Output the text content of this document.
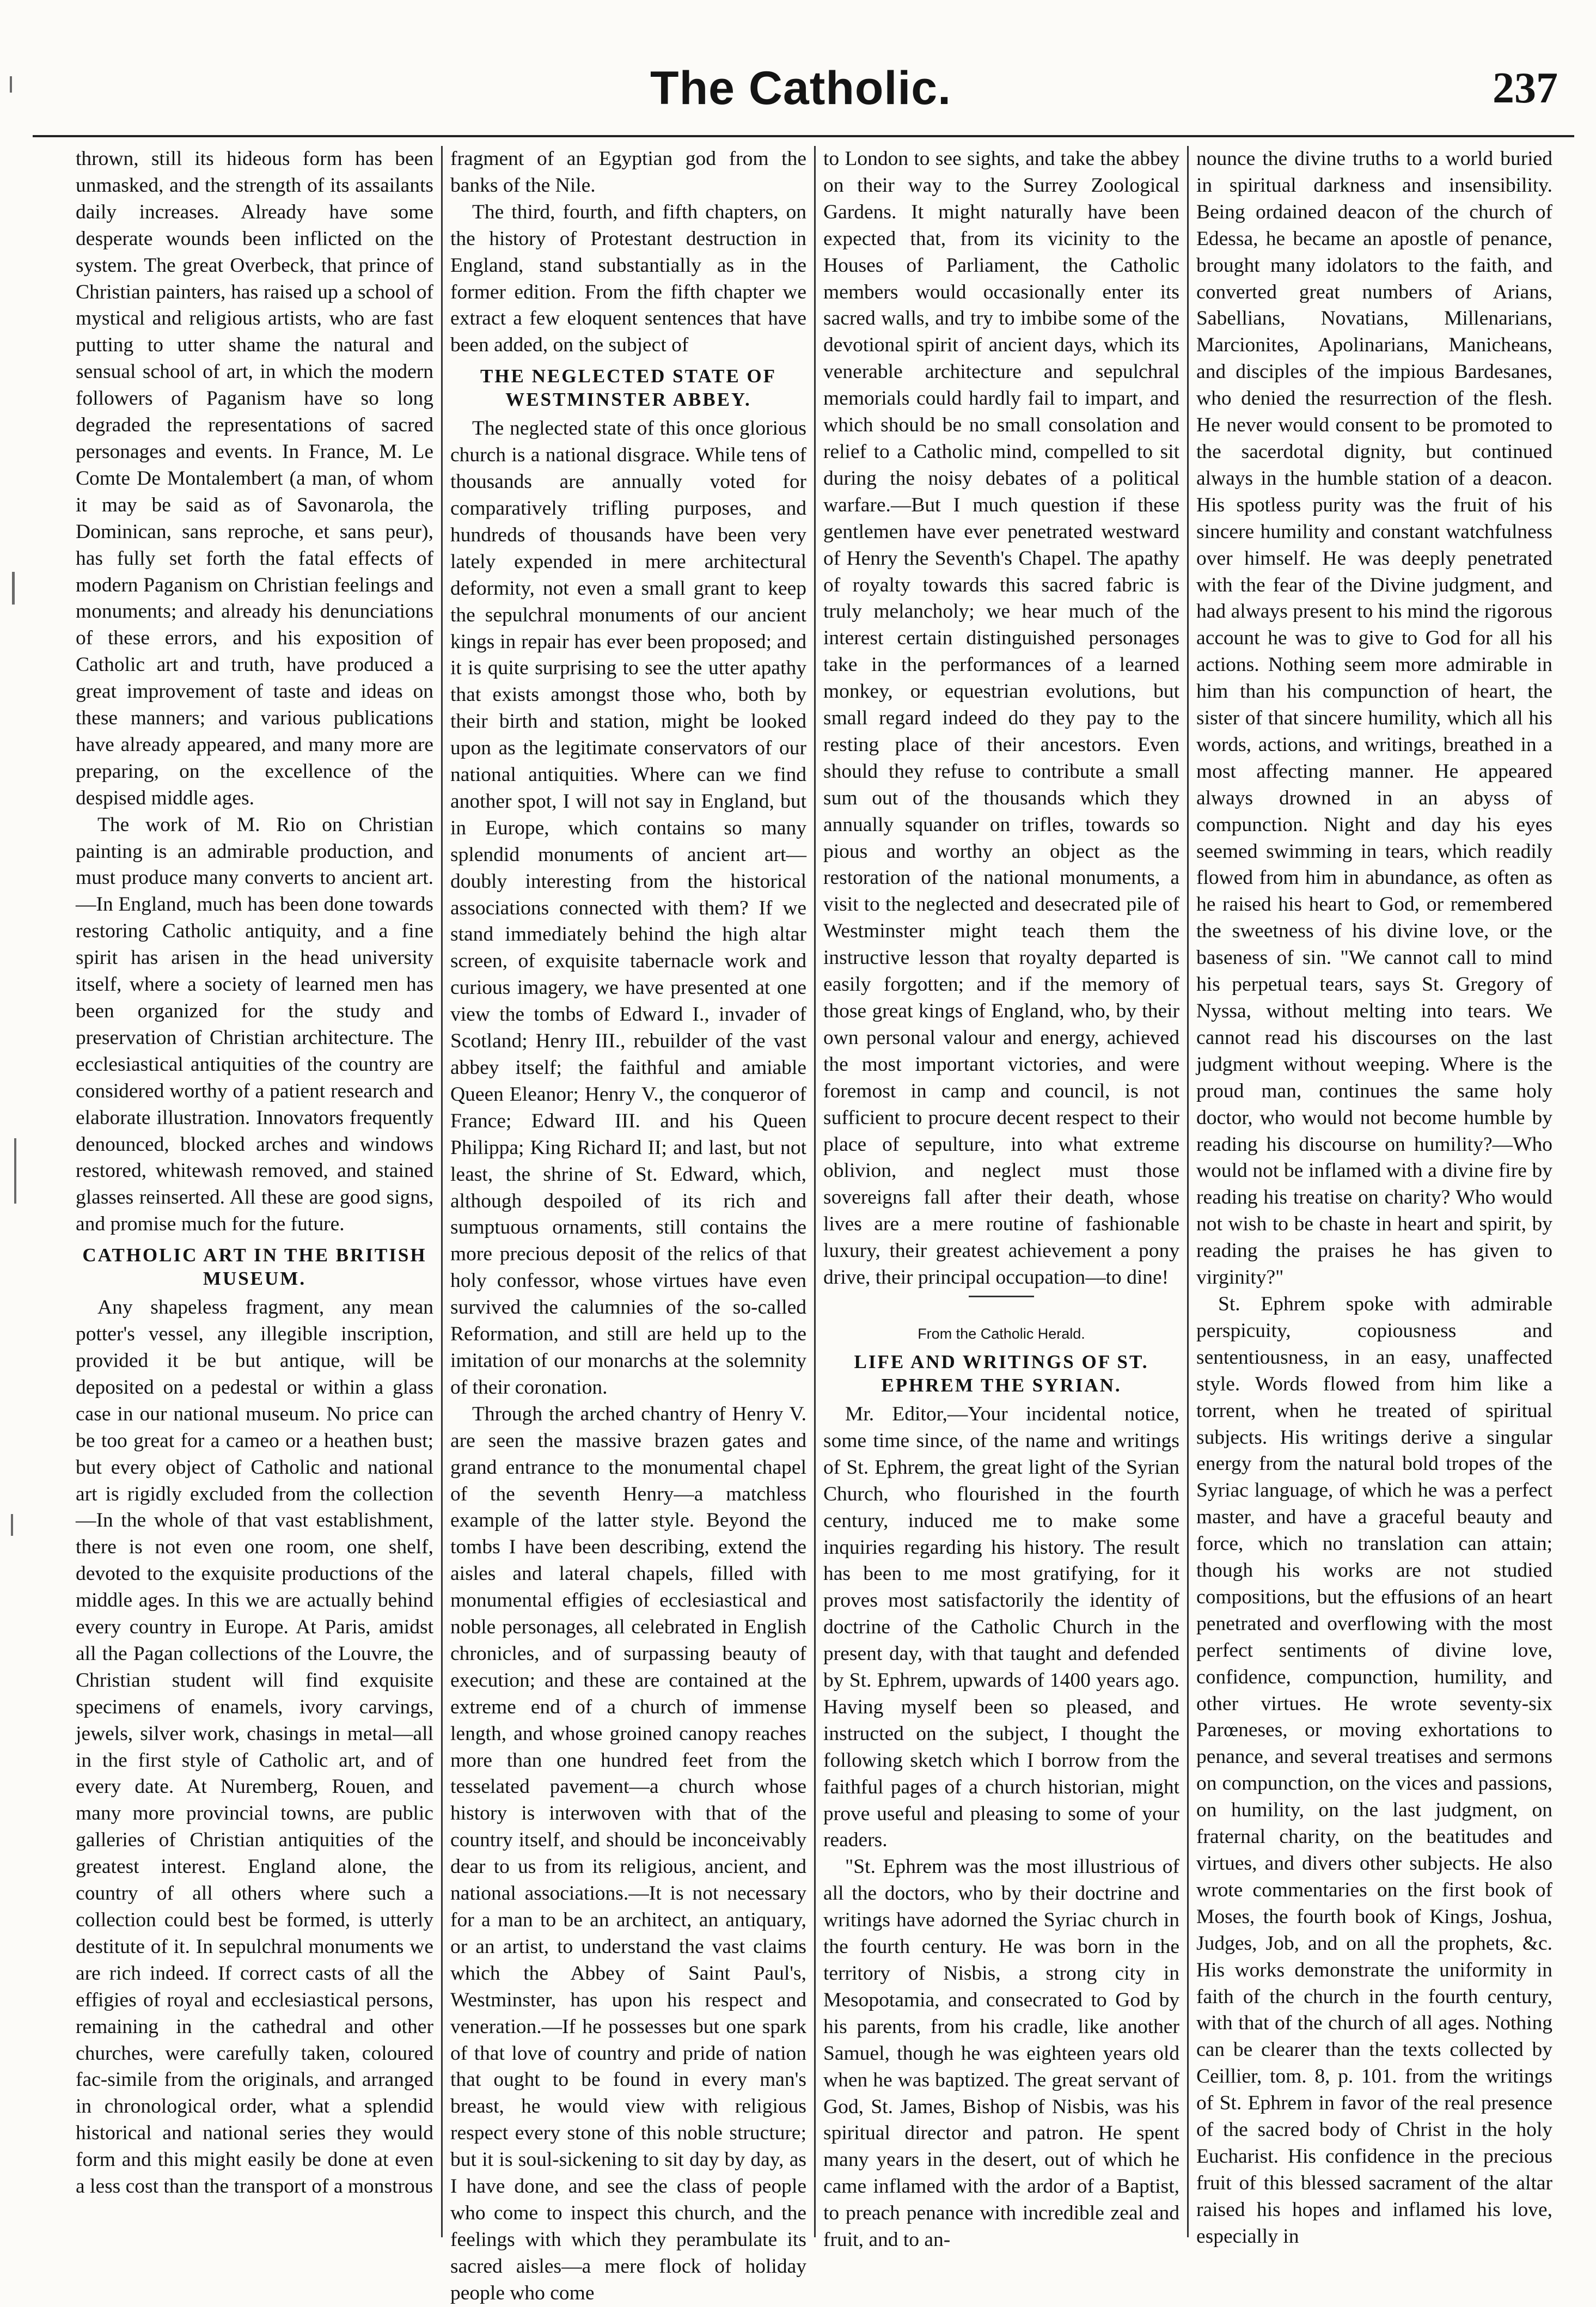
The Catholic.	237

thrown, still its hideous form has been unmasked, and the strength of its assailants daily increases. Already have some desperate wounds been inflicted on the system. The great Overbeck, that prince of Christian painters, has raised up a school of mystical and religious artists, who are fast putting to utter shame the natural and sensual school of art, in which the modern followers of Paganism have so long degraded the representations of sacred personages and events. In France, M. Le Comte De Montalembert (a man, of whom it may be said as of Savonarola, the Dominican, sans reproche, et sans peur), has fully set forth the fatal effects of modern Paganism on Christian feelings and monuments; and already his denunciations of these errors, and his exposition of Catholic art and truth, have produced a great improvement of taste and ideas on these manners; and various publications have already appeared, and many more are preparing, on the excellence of the despised middle ages.

The work of M. Rio on Christian painting is an admirable production, and must produce many converts to ancient art.—In England, much has been done towards restoring Catholic antiquity, and a fine spirit has arisen in the head university itself, where a society of learned men has been organized for the study and preservation of Christian architecture. The ecclesiastical antiquities of the country are considered worthy of a patient research and elaborate illustration. Innovators frequently denounced, blocked arches and windows restored, whitewash removed, and stained glasses reinserted. All these are good signs, and promise much for the future.

CATHOLIC ART IN THE BRITISH MUSEUM.

Any shapeless fragment, any mean potter's vessel, any illegible inscription, provided it be but antique, will be deposited on a pedestal or within a glass case in our national museum. No price can be too great for a cameo or a heathen bust; but every object of Catholic and national art is rigidly excluded from the collection—In the whole of that vast establishment, there is not even one room, one shelf, devoted to the exquisite productions of the middle ages. In this we are actually behind every country in Europe. At Paris, amidst all the Pagan collections of the Louvre, the Christian student will find exquisite specimens of enamels, ivory carvings, jewels, silver work, chasings in metal—all in the first style of Catholic art, and of every date. At Nuremberg, Rouen, and many more provincial towns, are public galleries of Christian antiquities of the greatest interest. England alone, the country of all others where such a collection could best be formed, is utterly destitute of it. In sepulchral monuments we are rich indeed. If correct casts of all the effigies of royal and ecclesiastical persons, remaining in the cathedral and other churches, were carefully taken, coloured fac-simile from the originals, and arranged in chronological order, what a splendid historical and national series they would form and this might easily be done at even a less cost than the transport of a monstrous

fragment of an Egyptian god from the banks of the Nile.

The third, fourth, and fifth chapters, on the history of Protestant destruction in England, stand substantially as in the former edition. From the fifth chapter we extract a few eloquent sentences that have been added, on the subject of

THE NEGLECTED STATE OF WESTMINSTER ABBEY.

The neglected state of this once glorious church is a national disgrace. While tens of thousands are annually voted for comparatively trifling purposes, and hundreds of thousands have been very lately expended in mere architectural deformity, not even a small grant to keep the sepulchral monuments of our ancient kings in repair has ever been proposed; and it is quite surprising to see the utter apathy that exists amongst those who, both by their birth and station, might be looked upon as the legitimate conservators of our national antiquities. Where can we find another spot, I will not say in England, but in Europe, which contains so many splendid monuments of ancient art—doubly interesting from the historical associations connected with them? If we stand immediately behind the high altar screen, of exquisite tabernacle work and curious imagery, we have presented at one view the tombs of Edward I., invader of Scotland; Henry III., rebuilder of the vast abbey itself; the faithful and amiable Queen Eleanor; Henry V., the conqueror of France; Edward III. and his Queen Philippa; King Richard II; and last, but not least, the shrine of St. Edward, which, although despoiled of its rich and sumptuous ornaments, still contains the more precious deposit of the relics of that holy confessor, whose virtues have even survived the calumnies of the so-called Reformation, and still are held up to the imitation of our monarchs at the solemnity of their coronation.

Through the arched chantry of Henry V. are seen the massive brazen gates and grand entrance to the monumental chapel of the seventh Henry—a matchless example of the latter style. Beyond the tombs I have been describing, extend the aisles and lateral chapels, filled with monumental effigies of ecclesiastical and noble personages, all celebrated in English chronicles, and of surpassing beauty of execution; and these are contained at the extreme end of a church of immense length, and whose groined canopy reaches more than one hundred feet from the tesselated pavement—a church whose history is interwoven with that of the country itself, and should be inconceivably dear to us from its religious, ancient, and national associations.—It is not necessary for a man to be an architect, an antiquary, or an artist, to understand the vast claims which the Abbey of Saint Paul's, Westminster, has upon his respect and veneration.—If he possesses but one spark of that love of country and pride of nation that ought to be found in every man's breast, he would view with religious respect every stone of this noble structure; but it is soul-sickening to sit day by day, as I have done, and see the class of people who come to inspect this church, and the feelings with which they perambulate its sacred aisles—a mere flock of holiday people who come

to London to see sights, and take the abbey on their way to the Surrey Zoological Gardens. It might naturally have been expected that, from its vicinity to the Houses of Parliament, the Catholic members would occasionally enter its sacred walls, and try to imbibe some of the devotional spirit of ancient days, which its venerable architecture and sepulchral memorials could hardly fail to impart, and which should be no small consolation and relief to a Catholic mind, compelled to sit during the noisy debates of a political warfare.—But I much question if these gentlemen have ever penetrated westward of Henry the Seventh's Chapel. The apathy of royalty towards this sacred fabric is truly melancholy; we hear much of the interest certain distinguished personages take in the performances of a learned monkey, or equestrian evolutions, but small regard indeed do they pay to the resting place of their ancestors. Even should they refuse to contribute a small sum out of the thousands which they annually squander on trifles, towards so pious and worthy an object as the restoration of the national monuments, a visit to the neglected and desecrated pile of Westminster might teach them the instructive lesson that royalty departed is easily forgotten; and if the memory of those great kings of England, who, by their own personal valour and energy, achieved the most important victories, and were foremost in camp and council, is not sufficient to procure decent respect to their place of sepulture, into what extreme oblivion, and neglect must those sovereigns fall after their death, whose lives are a mere routine of fashionable luxury, their greatest achievement a pony drive, their principal occupation—to dine!

From the Catholic Herald.
LIFE AND WRITINGS OF ST. EPHREM THE SYRIAN.

Mr. Editor,—Your incidental notice, some time since, of the name and writings of St. Ephrem, the great light of the Syrian Church, who flourished in the fourth century, induced me to make some inquiries regarding his history. The result has been to me most gratifying, for it proves most satisfactorily the identity of doctrine of the Catholic Church in the present day, with that taught and defended by St. Ephrem, upwards of 1400 years ago. Having myself been so pleased, and instructed on the subject, I thought the following sketch which I borrow from the faithful pages of a church historian, might prove useful and pleasing to some of your readers.

"St. Ephrem was the most illustrious of all the doctors, who by their doctrine and writings have adorned the Syriac church in the fourth century. He was born in the territory of Nisbis, a strong city in Mesopotamia, and consecrated to God by his parents, from his cradle, like another Samuel, though he was eighteen years old when he was baptized. The great servant of God, St. James, Bishop of Nisbis, was his spiritual director and patron. He spent many years in the desert, out of which he came inflamed with the ardor of a Baptist, to preach penance with incredible zeal and fruit, and to an-

nounce the divine truths to a world buried in spiritual darkness and insensibility. Being ordained deacon of the church of Edessa, he became an apostle of penance, brought many idolators to the faith, and converted great numbers of Arians, Sabellians, Novatians, Millenarians, Marcionites, Apolinarians, Manicheans, and disciples of the impious Bardesanes, who denied the resurrection of the flesh. He never would consent to be promoted to the sacerdotal dignity, but continued always in the humble station of a deacon. His spotless purity was the fruit of his sincere humility and constant watchfulness over himself. He was deeply penetrated with the fear of the Divine judgment, and had always present to his mind the rigorous account he was to give to God for all his actions. Nothing seem more admirable in him than his compunction of heart, the sister of that sincere humility, which all his words, actions, and writings, breathed in a most affecting manner. He appeared always drowned in an abyss of compunction. Night and day his eyes seemed swimming in tears, which readily flowed from him in abundance, as often as he raised his heart to God, or remembered the sweetness of his divine love, or the baseness of sin. "We cannot call to mind his perpetual tears, says St. Gregory of Nyssa, without melting into tears. We cannot read his discourses on the last judgment without weeping. Where is the proud man, continues the same holy doctor, who would not become humble by reading his discourse on humility?—Who would not be inflamed with a divine fire by reading his treatise on charity? Who would not wish to be chaste in heart and spirit, by reading the praises he has given to virginity?"

St. Ephrem spoke with admirable perspicuity, copiousness and sententiousness, in an easy, unaffected style. Words flowed from him like a torrent, when he treated of spiritual subjects. His writings derive a singular energy from the natural bold tropes of the Syriac language, of which he was a perfect master, and have a graceful beauty and force, which no translation can attain; though his works are not studied compositions, but the effusions of an heart penetrated and overflowing with the most perfect sentiments of divine love, confidence, compunction, humility, and other virtues. He wrote seventy-six Parœneses, or moving exhortations to penance, and several treatises and sermons on compunction, on the vices and passions, on humility, on the last judgment, on fraternal charity, on the beatitudes and virtues, and divers other subjects. He also wrote commentaries on the first book of Moses, the fourth book of Kings, Joshua, Judges, Job, and on all the prophets, &c. His works demonstrate the uniformity in faith of the church in the fourth century, with that of the church of all ages. Nothing can be clearer than the texts collected by Ceillier, tom. 8, p. 101. from the writings of St. Ephrem in favor of the real presence of the sacred body of Christ in the holy Eucharist. His confidence in the precious fruit of this blessed sacrament of the altar raised his hopes and inflamed his love, especially in
